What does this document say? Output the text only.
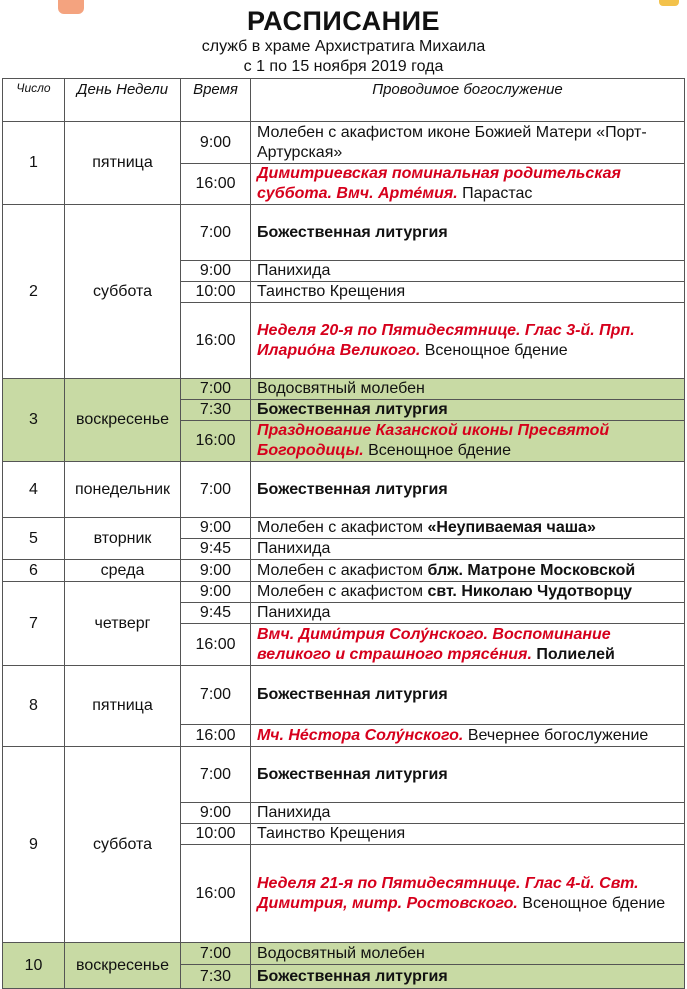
РАСПИСАНИЕ
служб в храме Архистратига Михаила
с 1 по 15 ноября 2019 года
Число	День Недели	Время	Проводимое богослужение
1	пятница	9:00	Молебен с акафистом иконе Божией Матери «Порт-Артурская»
		16:00	Димитриевская поминальная родительская суббота. Вмч. Арте́мия. Парастас
2	суббота	7:00	Божественная литургия
		9:00	Панихида
		10:00	Таинство Крещения
		16:00	Неделя 20-я по Пятидесятнице. Глас 3-й. Прп. Иларио́на Великого. Всенощное бдение
3	воскресенье	7:00	Водосвятный молебен
		7:30	Божественная литургия
		16:00	Празднование Казанской иконы Пресвятой Богородицы. Всенощное бдение
4	понедельник	7:00	Божественная литургия
5	вторник	9:00	Молебен с акафистом «Неупиваемая чаша»
		9:45	Панихида
6	среда	9:00	Молебен с акафистом блж. Матроне Московской
7	четверг	9:00	Молебен с акафистом свт. Николаю Чудотворцу
		9:45	Панихида
		16:00	Вмч. Дими́трия Солу́нского. Воспоминание великого и страшного трясе́ния. Полиелей
8	пятница	7:00	Божественная литургия
		16:00	Мч. Не́стора Солу́нского. Вечернее богослужение
9	суббота	7:00	Божественная литургия
		9:00	Панихида
		10:00	Таинство Крещения
		16:00	Неделя 21-я по Пятидесятнице. Глас 4-й. Свт. Димитрия, митр. Ростовского. Всенощное бдение
10	воскресенье	7:00	Водосвятный молебен
		7:30	Божественная литургия
